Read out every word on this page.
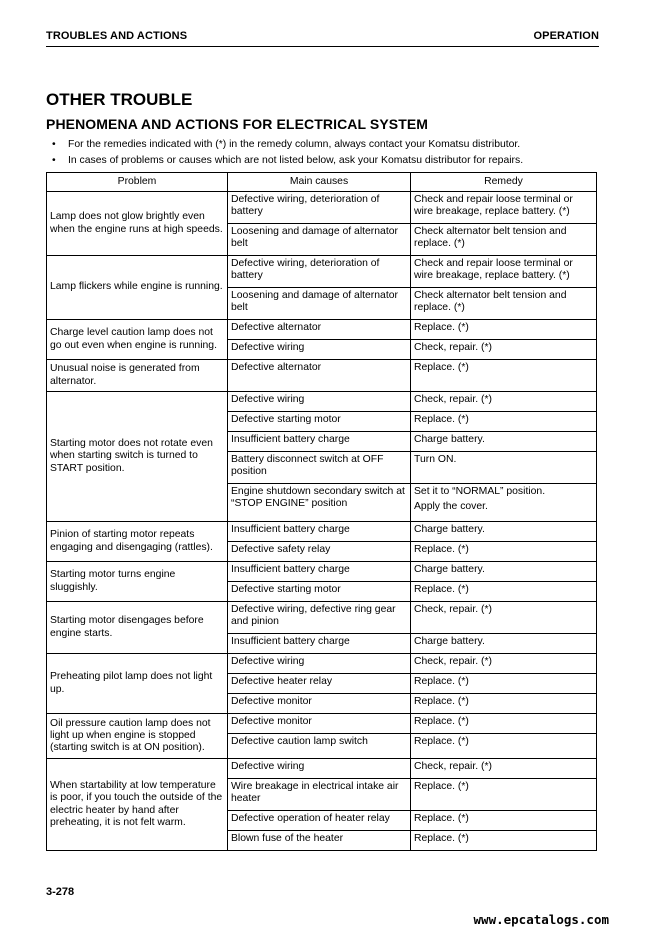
TROUBLES AND ACTIONS	OPERATION
OTHER TROUBLE
PHENOMENA AND ACTIONS FOR ELECTRICAL SYSTEM
• For the remedies indicated with (*) in the remedy column, always contact your Komatsu distributor.
• In cases of problems or causes which are not listed below, ask your Komatsu distributor for repairs.
Problem	Main causes	Remedy
Lamp does not glow brightly even when the engine runs at high speeds.	Defective wiring, deterioration of battery	Check and repair loose terminal or wire breakage, replace battery. (*)

	Loosening and damage of alternator belt	Check alternator belt tension and replace. (*)

Lamp flickers while engine is running.	Defective wiring, deterioration of battery	Check and repair loose terminal or wire breakage, replace battery. (*)

	Loosening and damage of alternator belt	Check alternator belt tension and replace. (*)

Charge level caution lamp does not go out even when engine is running.	Defective alternator	Replace. (*)

	Defective wiring	Check, repair. (*)

Unusual noise is generated from alternator.	Defective alternator	Replace. (*)

Starting motor does not rotate even when starting switch is turned to START position.	Defective wiring	Check, repair. (*)

	Defective starting motor	Replace. (*)

	Insufficient battery charge	Charge battery.

	Battery disconnect switch at OFF position	Turn ON.

	Engine shutdown secondary switch at “STOP ENGINE” position	Set it to “NORMAL” position.

Apply the cover.

Pinion of starting motor repeats engaging and disengaging (rattles).	Insufficient battery charge	Charge battery.

	Defective safety relay	Replace. (*)

Starting motor turns engine sluggishly.	Insufficient battery charge	Charge battery.

	Defective starting motor	Replace. (*)

Starting motor disengages before engine starts.	Defective wiring, defective ring gear and pinion	Check, repair. (*)

	Insufficient battery charge	Charge battery.

Preheating pilot lamp does not light up.	Defective wiring	Check, repair. (*)

	Defective heater relay	Replace. (*)

	Defective monitor	Replace. (*)

Oil pressure caution lamp does not light up when engine is stopped (starting switch is at ON position).	Defective monitor	Replace. (*)

	Defective caution lamp switch	Replace. (*)

When startability at low temperature is poor, if you touch the outside of the electric heater by hand after preheating, it is not felt warm.	Defective wiring	Check, repair. (*)

	Wire breakage in electrical intake air heater	Replace. (*)

	Defective operation of heater relay	Replace. (*)

	Blown fuse of the heater	Replace. (*)

3-278
www.epcatalogs.com
